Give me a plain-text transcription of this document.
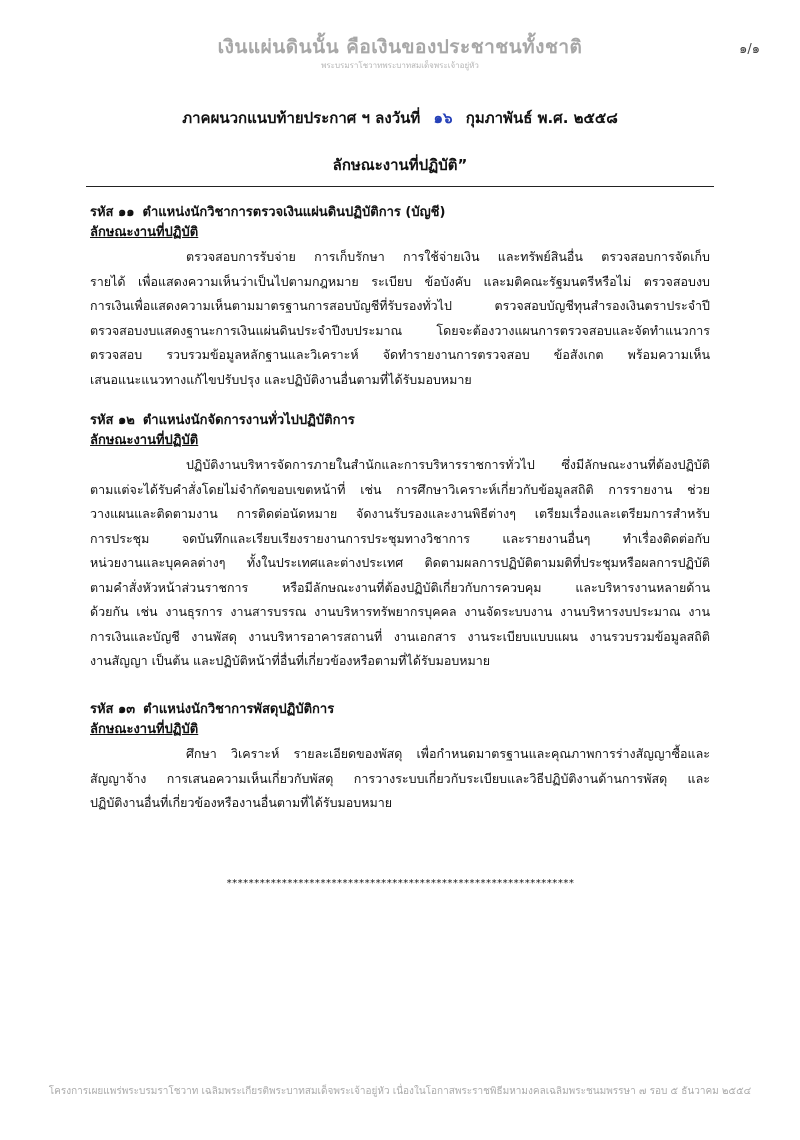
เงินแผ่นดินนั้น คือเงินของประชาชนทั้งชาติ
พระบรมราโชวาทพระบาทสมเด็จพระเจ้าอยู่หัว
๑/๑
ภาคผนวกแนบท้ายประกาศ ฯ ลงวันที่ ๑๖ กุมภาพันธ์ พ.ศ. ๒๕๕๘
ลักษณะงานที่ปฏิบัติ”
รหัส ๑๑ ตำแหน่งนักวิชาการตรวจเงินแผ่นดินปฏิบัติการ (บัญชี)
ลักษณะงานที่ปฏิบัติ
ตรวจสอบการรับจ่าย การเก็บรักษา การใช้จ่ายเงิน และทรัพย์สินอื่น ตรวจสอบการจัดเก็บ
รายได้ เพื่อแสดงความเห็นว่าเป็นไปตามกฎหมาย ระเบียบ ข้อบังคับ และมติคณะรัฐมนตรีหรือไม่ ตรวจสอบงบ
การเงินเพื่อแสดงความเห็นตามมาตรฐานการสอบบัญชีที่รับรองทั่วไป ตรวจสอบบัญชีทุนสำรองเงินตราประจำปี
ตรวจสอบงบแสดงฐานะการเงินแผ่นดินประจำปีงบประมาณ โดยจะต้องวางแผนการตรวจสอบและจัดทำแนวการ
ตรวจสอบ รวบรวมข้อมูลหลักฐานและวิเคราะห์ จัดทำรายงานการตรวจสอบ ข้อสังเกต พร้อมความเห็น
เสนอแนะแนวทางแก้ไขปรับปรุง และปฏิบัติงานอื่นตามที่ได้รับมอบหมาย
รหัส ๑๒ ตำแหน่งนักจัดการงานทั่วไปปฏิบัติการ
ลักษณะงานที่ปฏิบัติ
ปฏิบัติงานบริหารจัดการภายในสำนักและการบริหารราชการทั่วไป ซึ่งมีลักษณะงานที่ต้องปฏิบัติ
ตามแต่จะได้รับคำสั่งโดยไม่จำกัดขอบเขตหน้าที่ เช่น การศึกษาวิเคราะห์เกี่ยวกับข้อมูลสถิติ การรายงาน ช่วย
วางแผนและติดตามงาน การติดต่อนัดหมาย จัดงานรับรองและงานพิธีต่างๆ เตรียมเรื่องและเตรียมการสำหรับ
การประชุม จดบันทึกและเรียบเรียงรายงานการประชุมทางวิชาการ และรายงานอื่นๆ ทำเรื่องติดต่อกับ
หน่วยงานและบุคคลต่างๆ ทั้งในประเทศและต่างประเทศ ติดตามผลการปฏิบัติตามมติที่ประชุมหรือผลการปฏิบัติ
ตามคำสั่งหัวหน้าส่วนราชการ หรือมีลักษณะงานที่ต้องปฏิบัติเกี่ยวกับการควบคุม และบริหารงานหลายด้าน
ด้วยกัน เช่น งานธุรการ งานสารบรรณ งานบริหารทรัพยากรบุคคล งานจัดระบบงาน งานบริหารงบประมาณ งาน
การเงินและบัญชี งานพัสดุ งานบริหารอาคารสถานที่ งานเอกสาร งานระเบียบแบบแผน งานรวบรวมข้อมูลสถิติ
งานสัญญา เป็นต้น และปฏิบัติหน้าที่อื่นที่เกี่ยวข้องหรือตามที่ได้รับมอบหมาย
รหัส ๑๓ ตำแหน่งนักวิชาการพัสดุปฏิบัติการ
ลักษณะงานที่ปฏิบัติ
ศึกษา วิเคราะห์ รายละเอียดของพัสดุ เพื่อกำหนดมาตรฐานและคุณภาพการร่างสัญญาซื้อและ
สัญญาจ้าง การเสนอความเห็นเกี่ยวกับพัสดุ การวางระบบเกี่ยวกับระเบียบและวิธีปฏิบัติงานด้านการพัสดุ และ
ปฏิบัติงานอื่นที่เกี่ยวข้องหรืองานอื่นตามที่ได้รับมอบหมาย
***************************************************************
โครงการเผยแพร่พระบรมราโชวาท เฉลิมพระเกียรติพระบาทสมเด็จพระเจ้าอยู่หัว เนื่องในโอกาสพระราชพิธีมหามงคลเฉลิมพระชนมพรรษา ๗ รอบ ๕ ธันวาคม ๒๕๕๔
